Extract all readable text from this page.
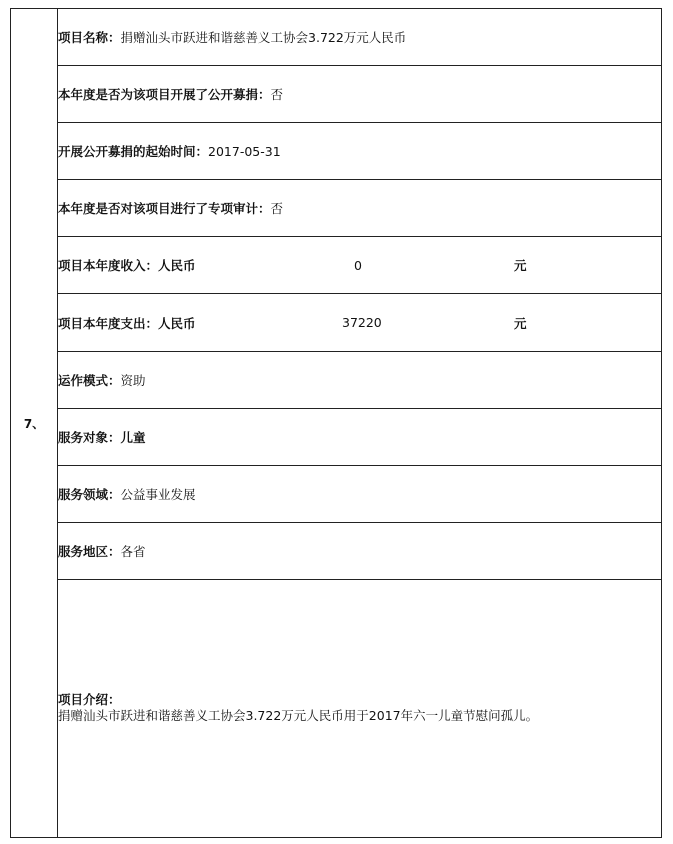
7、	项目名称：捐赠汕头市跃进和谐慈善义工协会3.722万元人民币
本年度是否为该项目开展了公开募捐：否
开展公开募捐的起始时间：2017-05-31
本年度是否对该项目进行了专项审计：否

项目本年度收入：人民币	0	元

项目本年度支出：人民币	37220	元

运作模式：资助
服务对象：儿童
服务领域：公益事业发展
服务地区：各省

项目介绍：
捐赠汕头市跃进和谐慈善义工协会3.722万元人民币用于2017年六一儿童节慰问孤儿。
